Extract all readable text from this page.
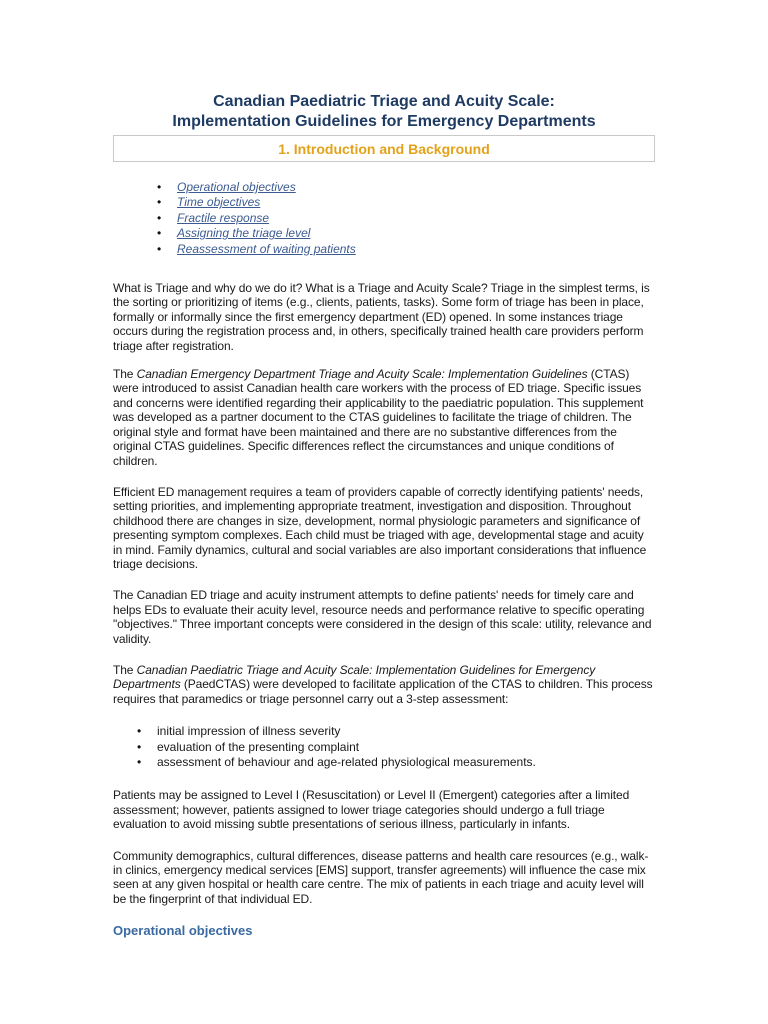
Canadian Paediatric Triage and Acuity Scale:
Implementation Guidelines for Emergency Departments
1. Introduction and Background
• Operational objectives
• Time objectives
• Fractile response
• Assigning the triage level
• Reassessment of waiting patients

What is Triage and why do we do it? What is a Triage and Acuity Scale? Triage in the simplest terms, is the sorting or prioritizing of items (e.g., clients, patients, tasks). Some form of triage has been in place, formally or informally since the first emergency department (ED) opened. In some instances triage occurs during the registration process and, in others, specifically trained health care providers perform triage after registration.

The Canadian Emergency Department Triage and Acuity Scale: Implementation Guidelines (CTAS) were introduced to assist Canadian health care workers with the process of ED triage. Specific issues and concerns were identified regarding their applicability to the paediatric population. This supplement was developed as a partner document to the CTAS guidelines to facilitate the triage of children. The original style and format have been maintained and there are no substantive differences from the original CTAS guidelines. Specific differences reflect the circumstances and unique conditions of children.

Efficient ED management requires a team of providers capable of correctly identifying patients' needs, setting priorities, and implementing appropriate treatment, investigation and disposition. Throughout childhood there are changes in size, development, normal physiologic parameters and significance of presenting symptom complexes. Each child must be triaged with age, developmental stage and acuity in mind. Family dynamics, cultural and social variables are also important considerations that influence triage decisions.

The Canadian ED triage and acuity instrument attempts to define patients' needs for timely care and helps EDs to evaluate their acuity level, resource needs and performance relative to specific operating "objectives." Three important concepts were considered in the design of this scale: utility, relevance and validity.

The Canadian Paediatric Triage and Acuity Scale: Implementation Guidelines for Emergency Departments (PaedCTAS) were developed to facilitate application of the CTAS to children. This process requires that paramedics or triage personnel carry out a 3-step assessment:

• initial impression of illness severity
• evaluation of the presenting complaint
• assessment of behaviour and age-related physiological measurements.

Patients may be assigned to Level I (Resuscitation) or Level II (Emergent) categories after a limited assessment; however, patients assigned to lower triage categories should undergo a full triage evaluation to avoid missing subtle presentations of serious illness, particularly in infants.

Community demographics, cultural differences, disease patterns and health care resources (e.g., walk-in clinics, emergency medical services [EMS] support, transfer agreements) will influence the case mix seen at any given hospital or health care centre. The mix of patients in each triage and acuity level will be the fingerprint of that individual ED.

Operational objectives
